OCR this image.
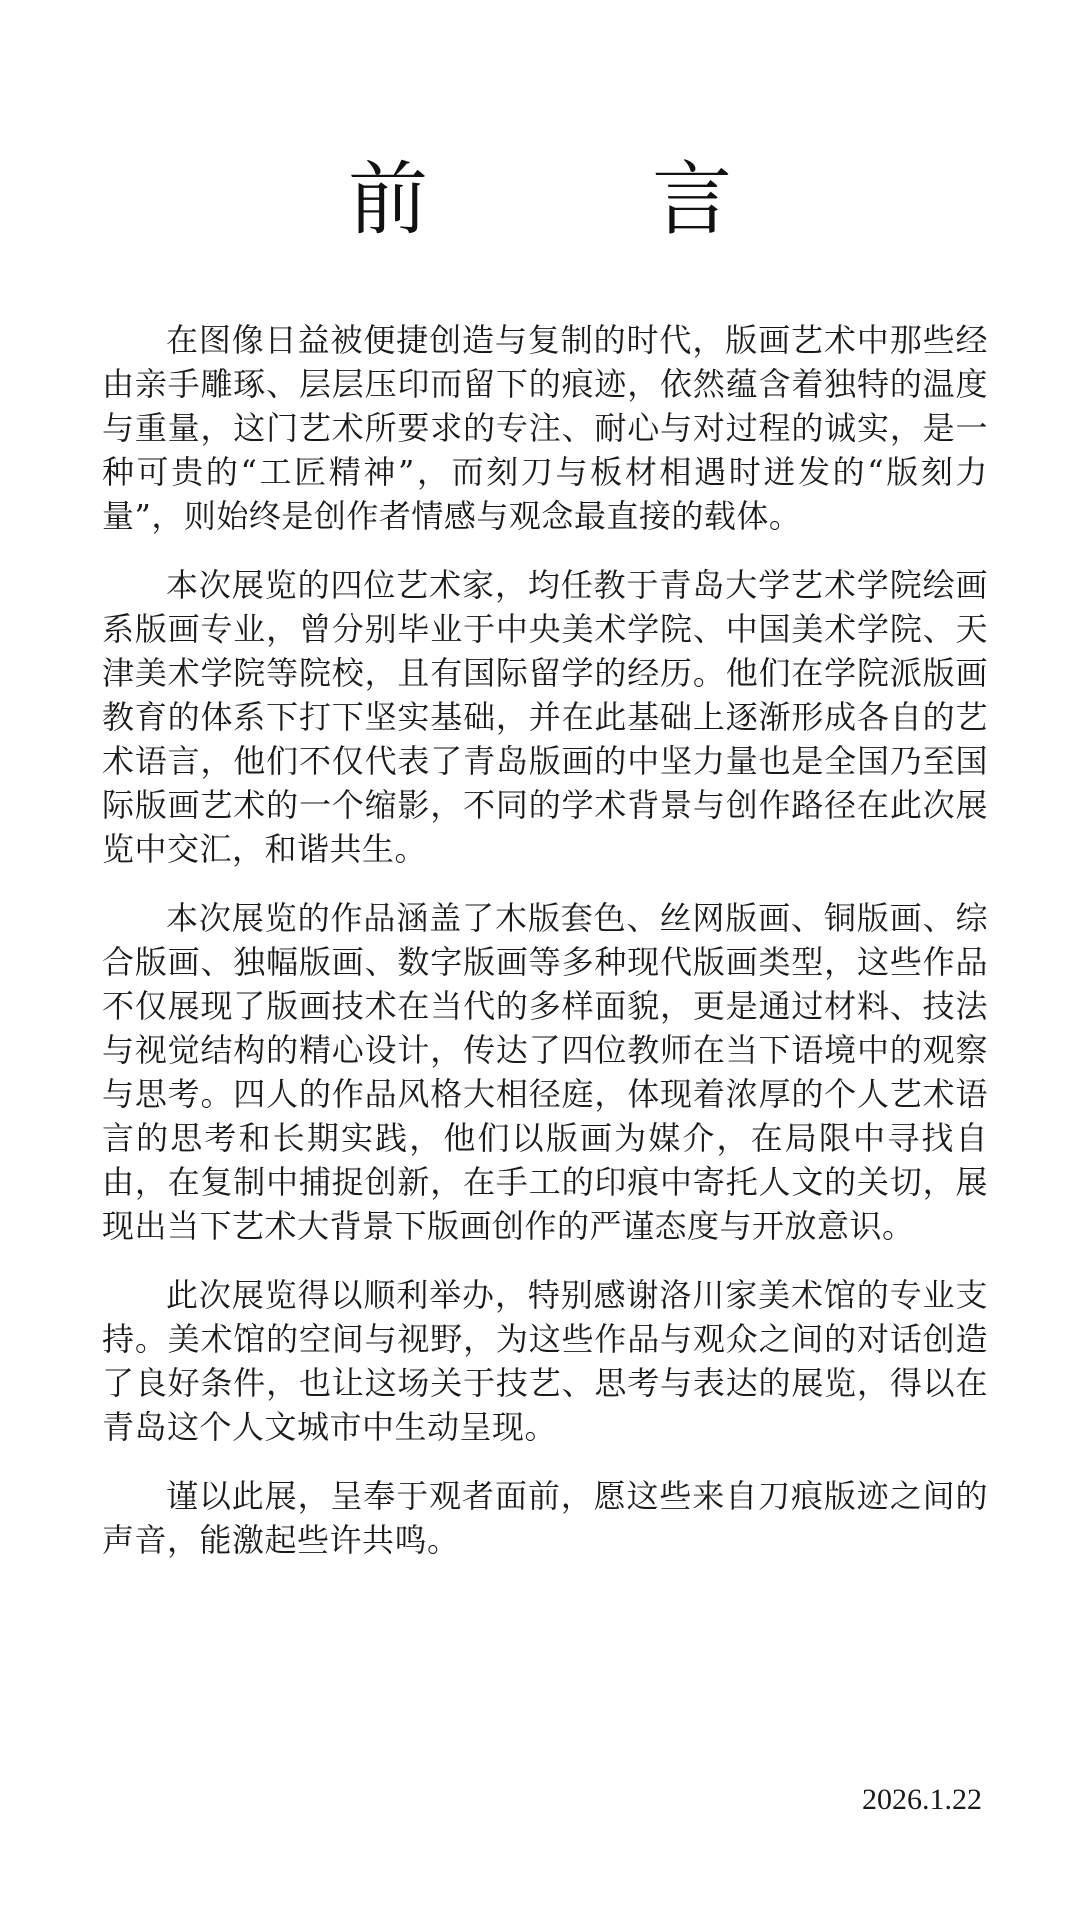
前　言

在图像日益被便捷创造与复制的时代，版画艺术中那些经由亲手雕琢、层层压印而留下的痕迹，依然蕴含着独特的温度与重量，这门艺术所要求的专注、耐心与对过程的诚实，是一种可贵的“工匠精神”，而刻刀与板材相遇时迸发的“版刻力量”，则始终是创作者情感与观念最直接的载体。

本次展览的四位艺术家，均任教于青岛大学艺术学院绘画系版画专业，曾分别毕业于中央美术学院、中国美术学院、天津美术学院等院校，且有国际留学的经历。他们在学院派版画教育的体系下打下坚实基础，并在此基础上逐渐形成各自的艺术语言，他们不仅代表了青岛版画的中坚力量也是全国乃至国际版画艺术的一个缩影，不同的学术背景与创作路径在此次展览中交汇，和谐共生。

本次展览的作品涵盖了木版套色、丝网版画、铜版画、综合版画、独幅版画、数字版画等多种现代版画类型，这些作品不仅展现了版画技术在当代的多样面貌，更是通过材料、技法与视觉结构的精心设计，传达了四位教师在当下语境中的观察与思考。四人的作品风格大相径庭，体现着浓厚的个人艺术语言的思考和长期实践，他们以版画为媒介，在局限中寻找自由，在复制中捕捉创新，在手工的印痕中寄托人文的关切，展现出当下艺术大背景下版画创作的严谨态度与开放意识。

此次展览得以顺利举办，特别感谢洛川家美术馆的专业支持。美术馆的空间与视野，为这些作品与观众之间的对话创造了良好条件，也让这场关于技艺、思考与表达的展览，得以在青岛这个人文城市中生动呈现。

谨以此展，呈奉于观者面前，愿这些来自刀痕版迹之间的声音，能激起些许共鸣。

2026.1.22
